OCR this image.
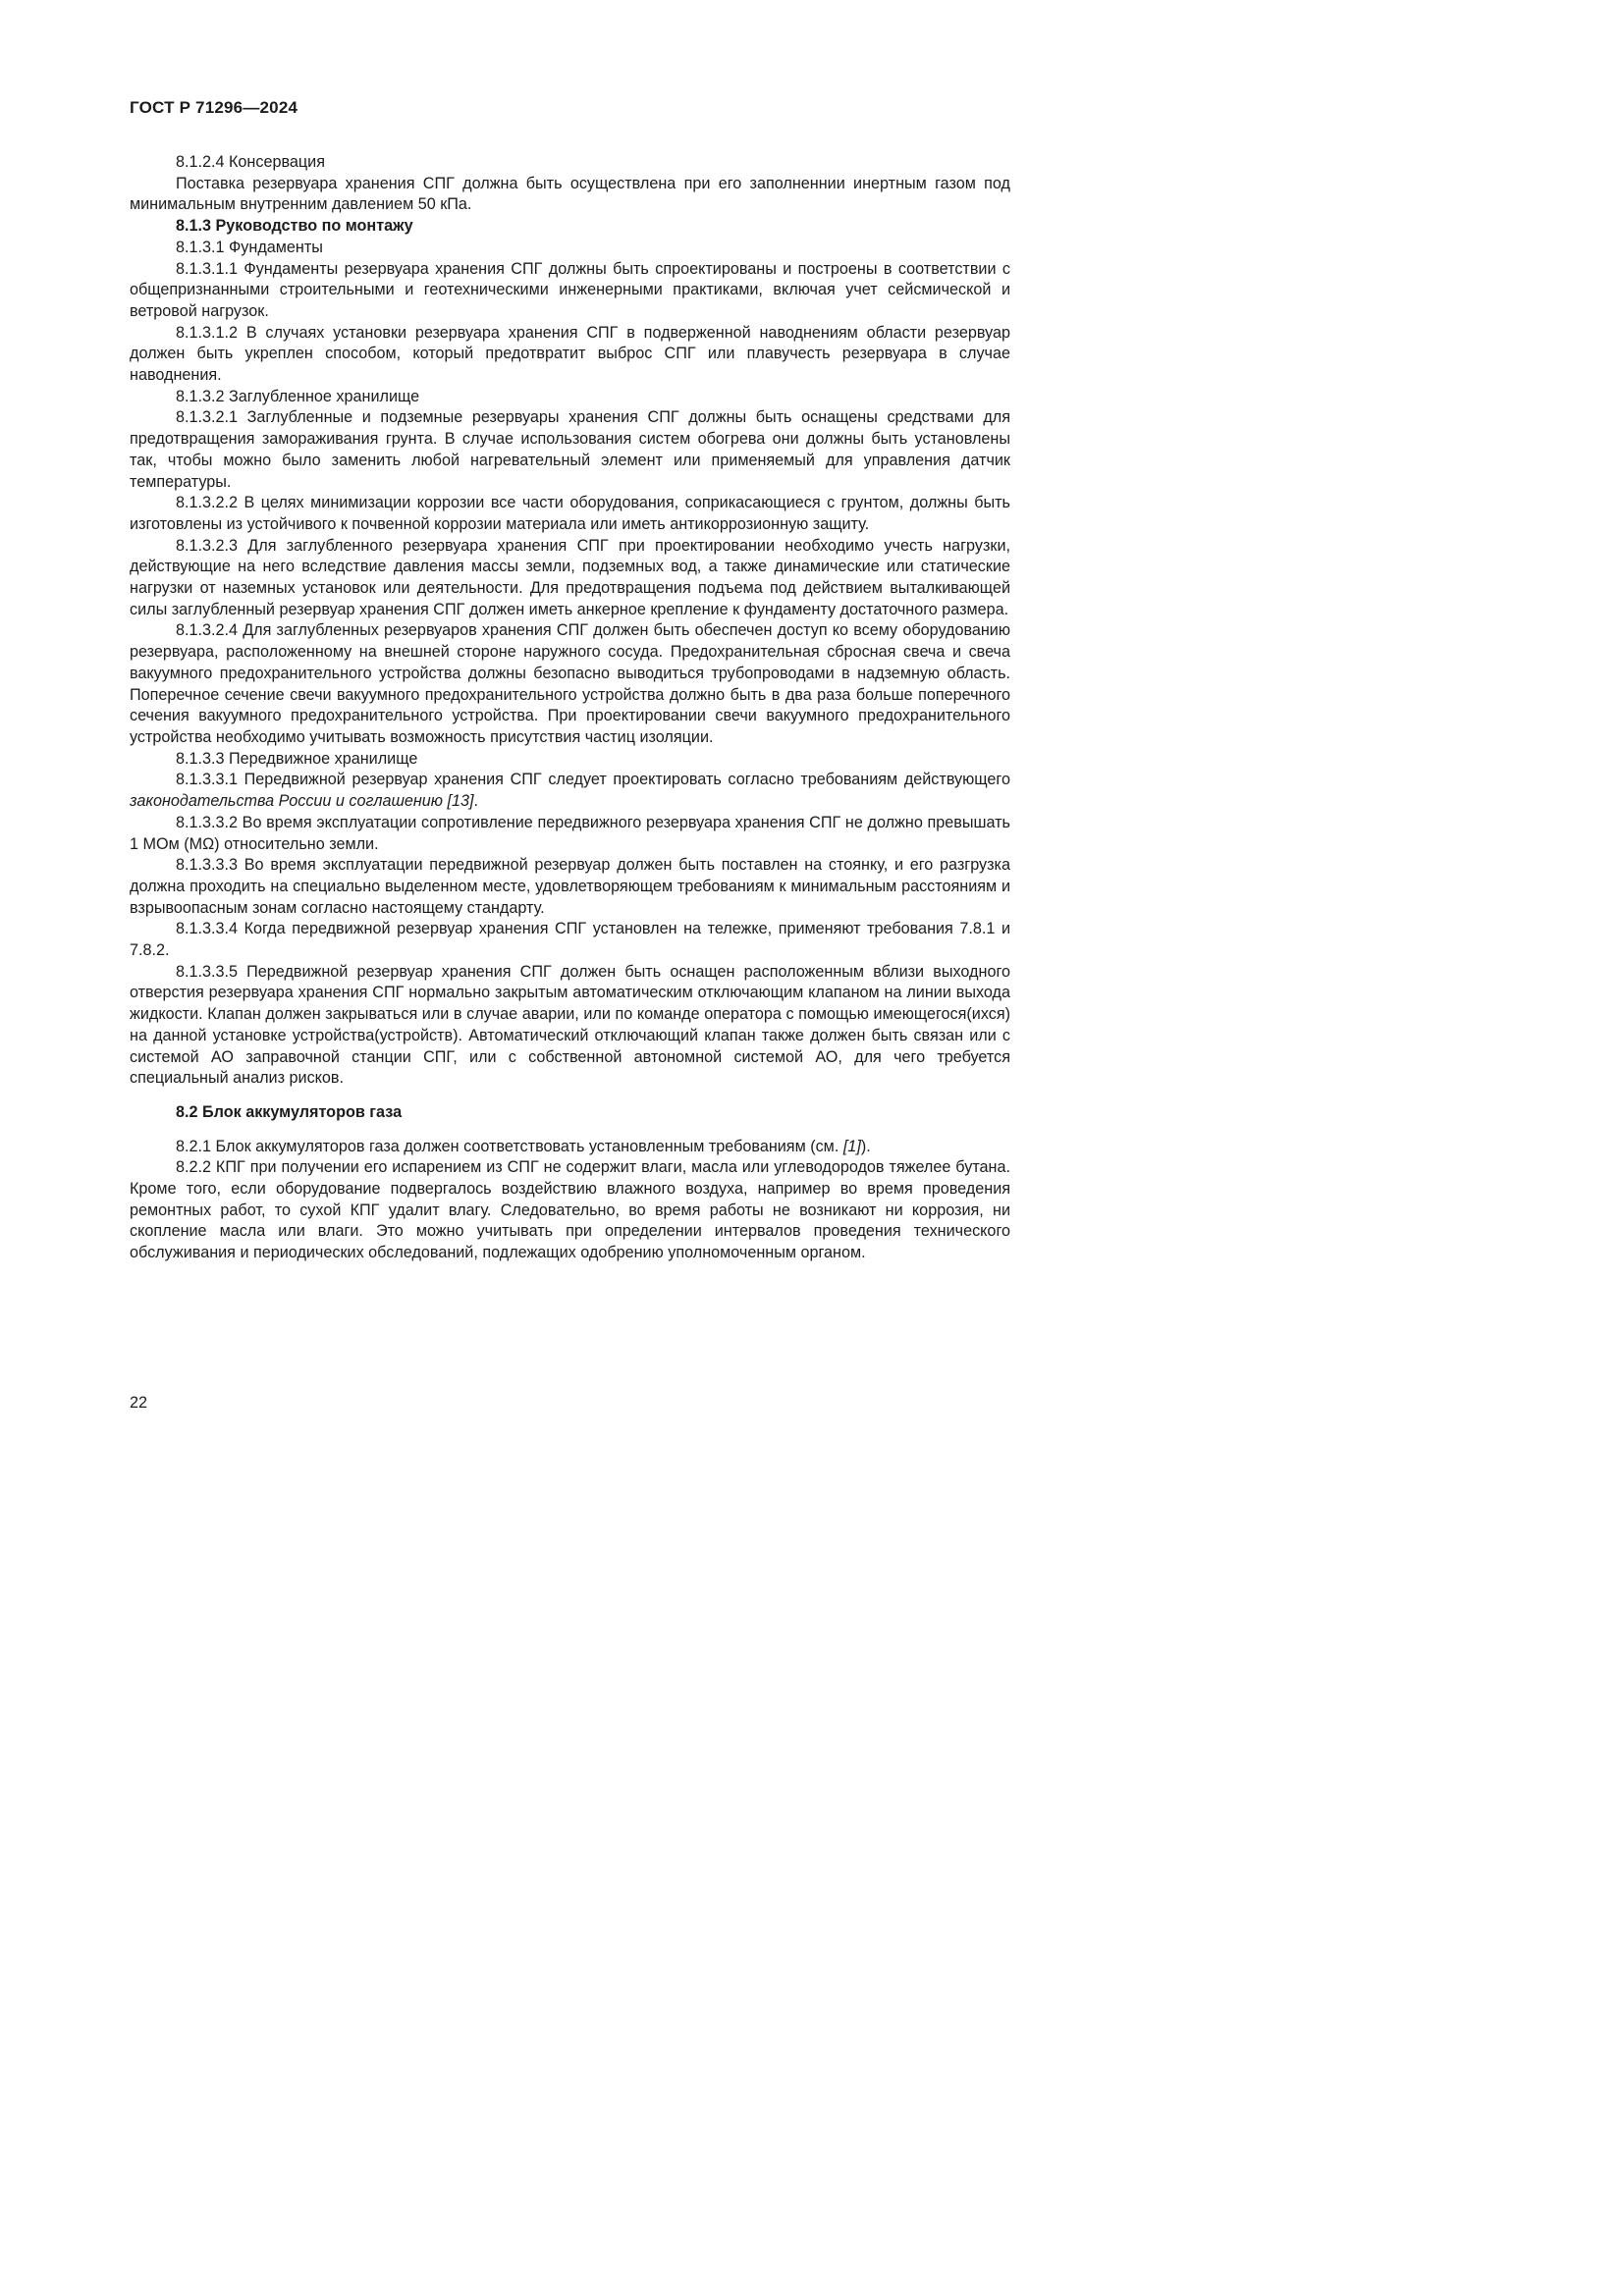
ГОСТ Р 71296—2024

8.1.2.4 Консервация

Поставка резервуара хранения СПГ должна быть осуществлена при его заполненнии инертным газом под минимальным внутренним давлением 50 кПа.

8.1.3 Руководство по монтажу

8.1.3.1 Фундаменты

8.1.3.1.1 Фундаменты резервуара хранения СПГ должны быть спроектированы и построены в соответствии с общепризнанными строительными и геотехническими инженерными практиками, включая учет сейсмической и ветровой нагрузок.

8.1.3.1.2 В случаях установки резервуара хранения СПГ в подверженной наводнениям области резервуар должен быть укреплен способом, который предотвратит выброс СПГ или плавучесть резервуара в случае наводнения.

8.1.3.2 Заглубленное хранилище

8.1.3.2.1 Заглубленные и подземные резервуары хранения СПГ должны быть оснащены средствами для предотвращения замораживания грунта. В случае использования систем обогрева они должны быть установлены так, чтобы можно было заменить любой нагревательный элемент или применяемый для управления датчик температуры.

8.1.3.2.2 В целях минимизации коррозии все части оборудования, соприкасающиеся с грунтом, должны быть изготовлены из устойчивого к почвенной коррозии материала или иметь антикоррозионную защиту.

8.1.3.2.3 Для заглубленного резервуара хранения СПГ при проектировании необходимо учесть нагрузки, действующие на него вследствие давления массы земли, подземных вод, а также динамические или статические нагрузки от наземных установок или деятельности. Для предотвращения подъема под действием выталкивающей силы заглубленный резервуар хранения СПГ должен иметь анкерное крепление к фундаменту достаточного размера.

8.1.3.2.4 Для заглубленных резервуаров хранения СПГ должен быть обеспечен доступ ко всему оборудованию резервуара, расположенному на внешней стороне наружного сосуда. Предохранительная сбросная свеча и свеча вакуумного предохранительного устройства должны безопасно выводиться трубопроводами в надземную область. Поперечное сечение свечи вакуумного предохранительного устройства должно быть в два раза больше поперечного сечения вакуумного предохранительного устройства. При проектировании свечи вакуумного предохранительного устройства необходимо учитывать возможность присутствия частиц изоляции.

8.1.3.3 Передвижное хранилище

8.1.3.3.1 Передвижной резервуар хранения СПГ следует проектировать согласно требованиям действующего законодательства России и соглашению [13].

8.1.3.3.2 Во время эксплуатации сопротивление передвижного резервуара хранения СПГ не должно превышать 1 МОм (MΩ) относительно земли.

8.1.3.3.3 Во время эксплуатации передвижной резервуар должен быть поставлен на стоянку, и его разгрузка должна проходить на специально выделенном месте, удовлетворяющем требованиям к минимальным расстояниям и взрывоопасным зонам согласно настоящему стандарту.

8.1.3.3.4 Когда передвижной резервуар хранения СПГ установлен на тележке, применяют требования 7.8.1 и 7.8.2.

8.1.3.3.5 Передвижной резервуар хранения СПГ должен быть оснащен расположенным вблизи выходного отверстия резервуара хранения СПГ нормально закрытым автоматическим отключающим клапаном на линии выхода жидкости. Клапан должен закрываться или в случае аварии, или по команде оператора с помощью имеющегося(ихся) на данной установке устройства(устройств). Автоматический отключающий клапан также должен быть связан или с системой АО заправочной станции СПГ, или с собственной автономной системой АО, для чего требуется специальный анализ рисков.

8.2 Блок аккумуляторов газа

8.2.1 Блок аккумуляторов газа должен соответствовать установленным требованиям (см. [1]).

8.2.2 КПГ при получении его испарением из СПГ не содержит влаги, масла или углеводородов тяжелее бутана. Кроме того, если оборудование подвергалось воздействию влажного воздуха, например во время проведения ремонтных работ, то сухой КПГ удалит влагу. Следовательно, во время работы не возникают ни коррозия, ни скопление масла или влаги. Это можно учитывать при определении интервалов проведения технического обслуживания и периодических обследований, подлежащих одобрению уполномоченным органом.

22
